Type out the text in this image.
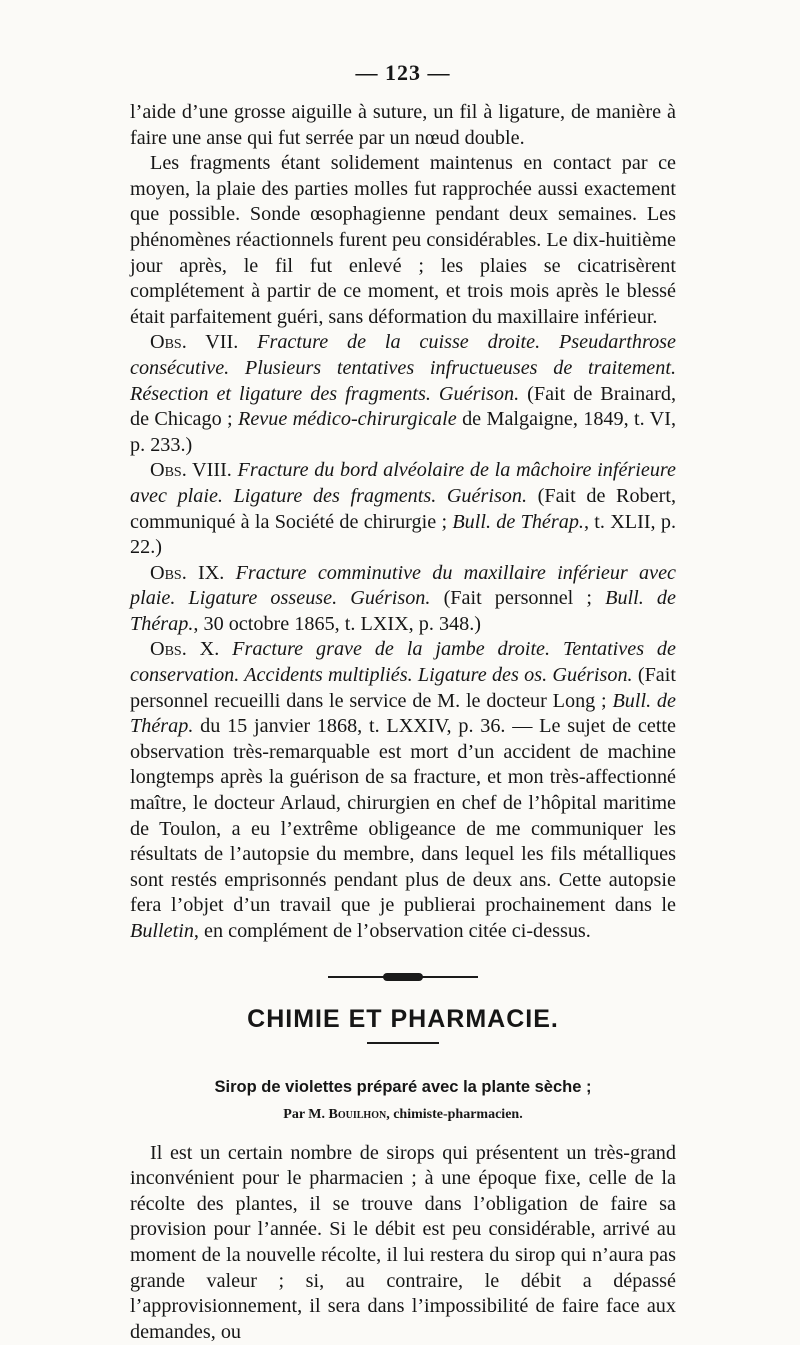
— 123 —

l’aide d’une grosse aiguille à suture, un fil à ligature, de manière à faire une anse qui fut serrée par un nœud double.

Les fragments étant solidement maintenus en contact par ce moyen, la plaie des parties molles fut rapprochée aussi exactement que possible. Sonde œsophagienne pendant deux semaines. Les phénomènes réactionnels furent peu considérables. Le dix-huitième jour après, le fil fut enlevé ; les plaies se cicatrisèrent complétement à partir de ce moment, et trois mois après le blessé était parfaitement guéri, sans déformation du maxillaire inférieur.

Obs. VII. Fracture de la cuisse droite. Pseudarthrose consécutive. Plusieurs tentatives infructueuses de traitement. Résection et ligature des fragments. Guérison. (Fait de Brainard, de Chicago ; Revue médico-chirurgicale de Malgaigne, 1849, t. VI, p. 233.)

Obs. VIII. Fracture du bord alvéolaire de la mâchoire inférieure avec plaie. Ligature des fragments. Guérison. (Fait de Robert, communiqué à la Société de chirurgie ; Bull. de Thérap., t. XLII, p. 22.)

Obs. IX. Fracture comminutive du maxillaire inférieur avec plaie. Ligature osseuse. Guérison. (Fait personnel ; Bull. de Thérap., 30 octobre 1865, t. LXIX, p. 348.)

Obs. X. Fracture grave de la jambe droite. Tentatives de conservation. Accidents multipliés. Ligature des os. Guérison. (Fait personnel recueilli dans le service de M. le docteur Long ; Bull. de Thérap. du 15 janvier 1868, t. LXXIV, p. 36. — Le sujet de cette observation très-remarquable est mort d’un accident de machine longtemps après la guérison de sa fracture, et mon très-affectionné maître, le docteur Arlaud, chirurgien en chef de l’hôpital maritime de Toulon, a eu l’extrême obligeance de me communiquer les résultats de l’autopsie du membre, dans lequel les fils métalliques sont restés emprisonnés pendant plus de deux ans. Cette autopsie fera l’objet d’un travail que je publierai prochainement dans le Bulletin, en complément de l’observation citée ci-dessus.

CHIMIE ET PHARMACIE.
Sirop de violettes préparé avec la plante sèche ;
Par M. Bouilhon, chimiste-pharmacien.

Il est un certain nombre de sirops qui présentent un très-grand inconvénient pour le pharmacien ; à une époque fixe, celle de la récolte des plantes, il se trouve dans l’obligation de faire sa provision pour l’année. Si le débit est peu considérable, arrivé au moment de la nouvelle récolte, il lui restera du sirop qui n’aura pas grande valeur ; si, au contraire, le débit a dépassé l’approvisionnement, il sera dans l’impossibilité de faire face aux demandes, ou
